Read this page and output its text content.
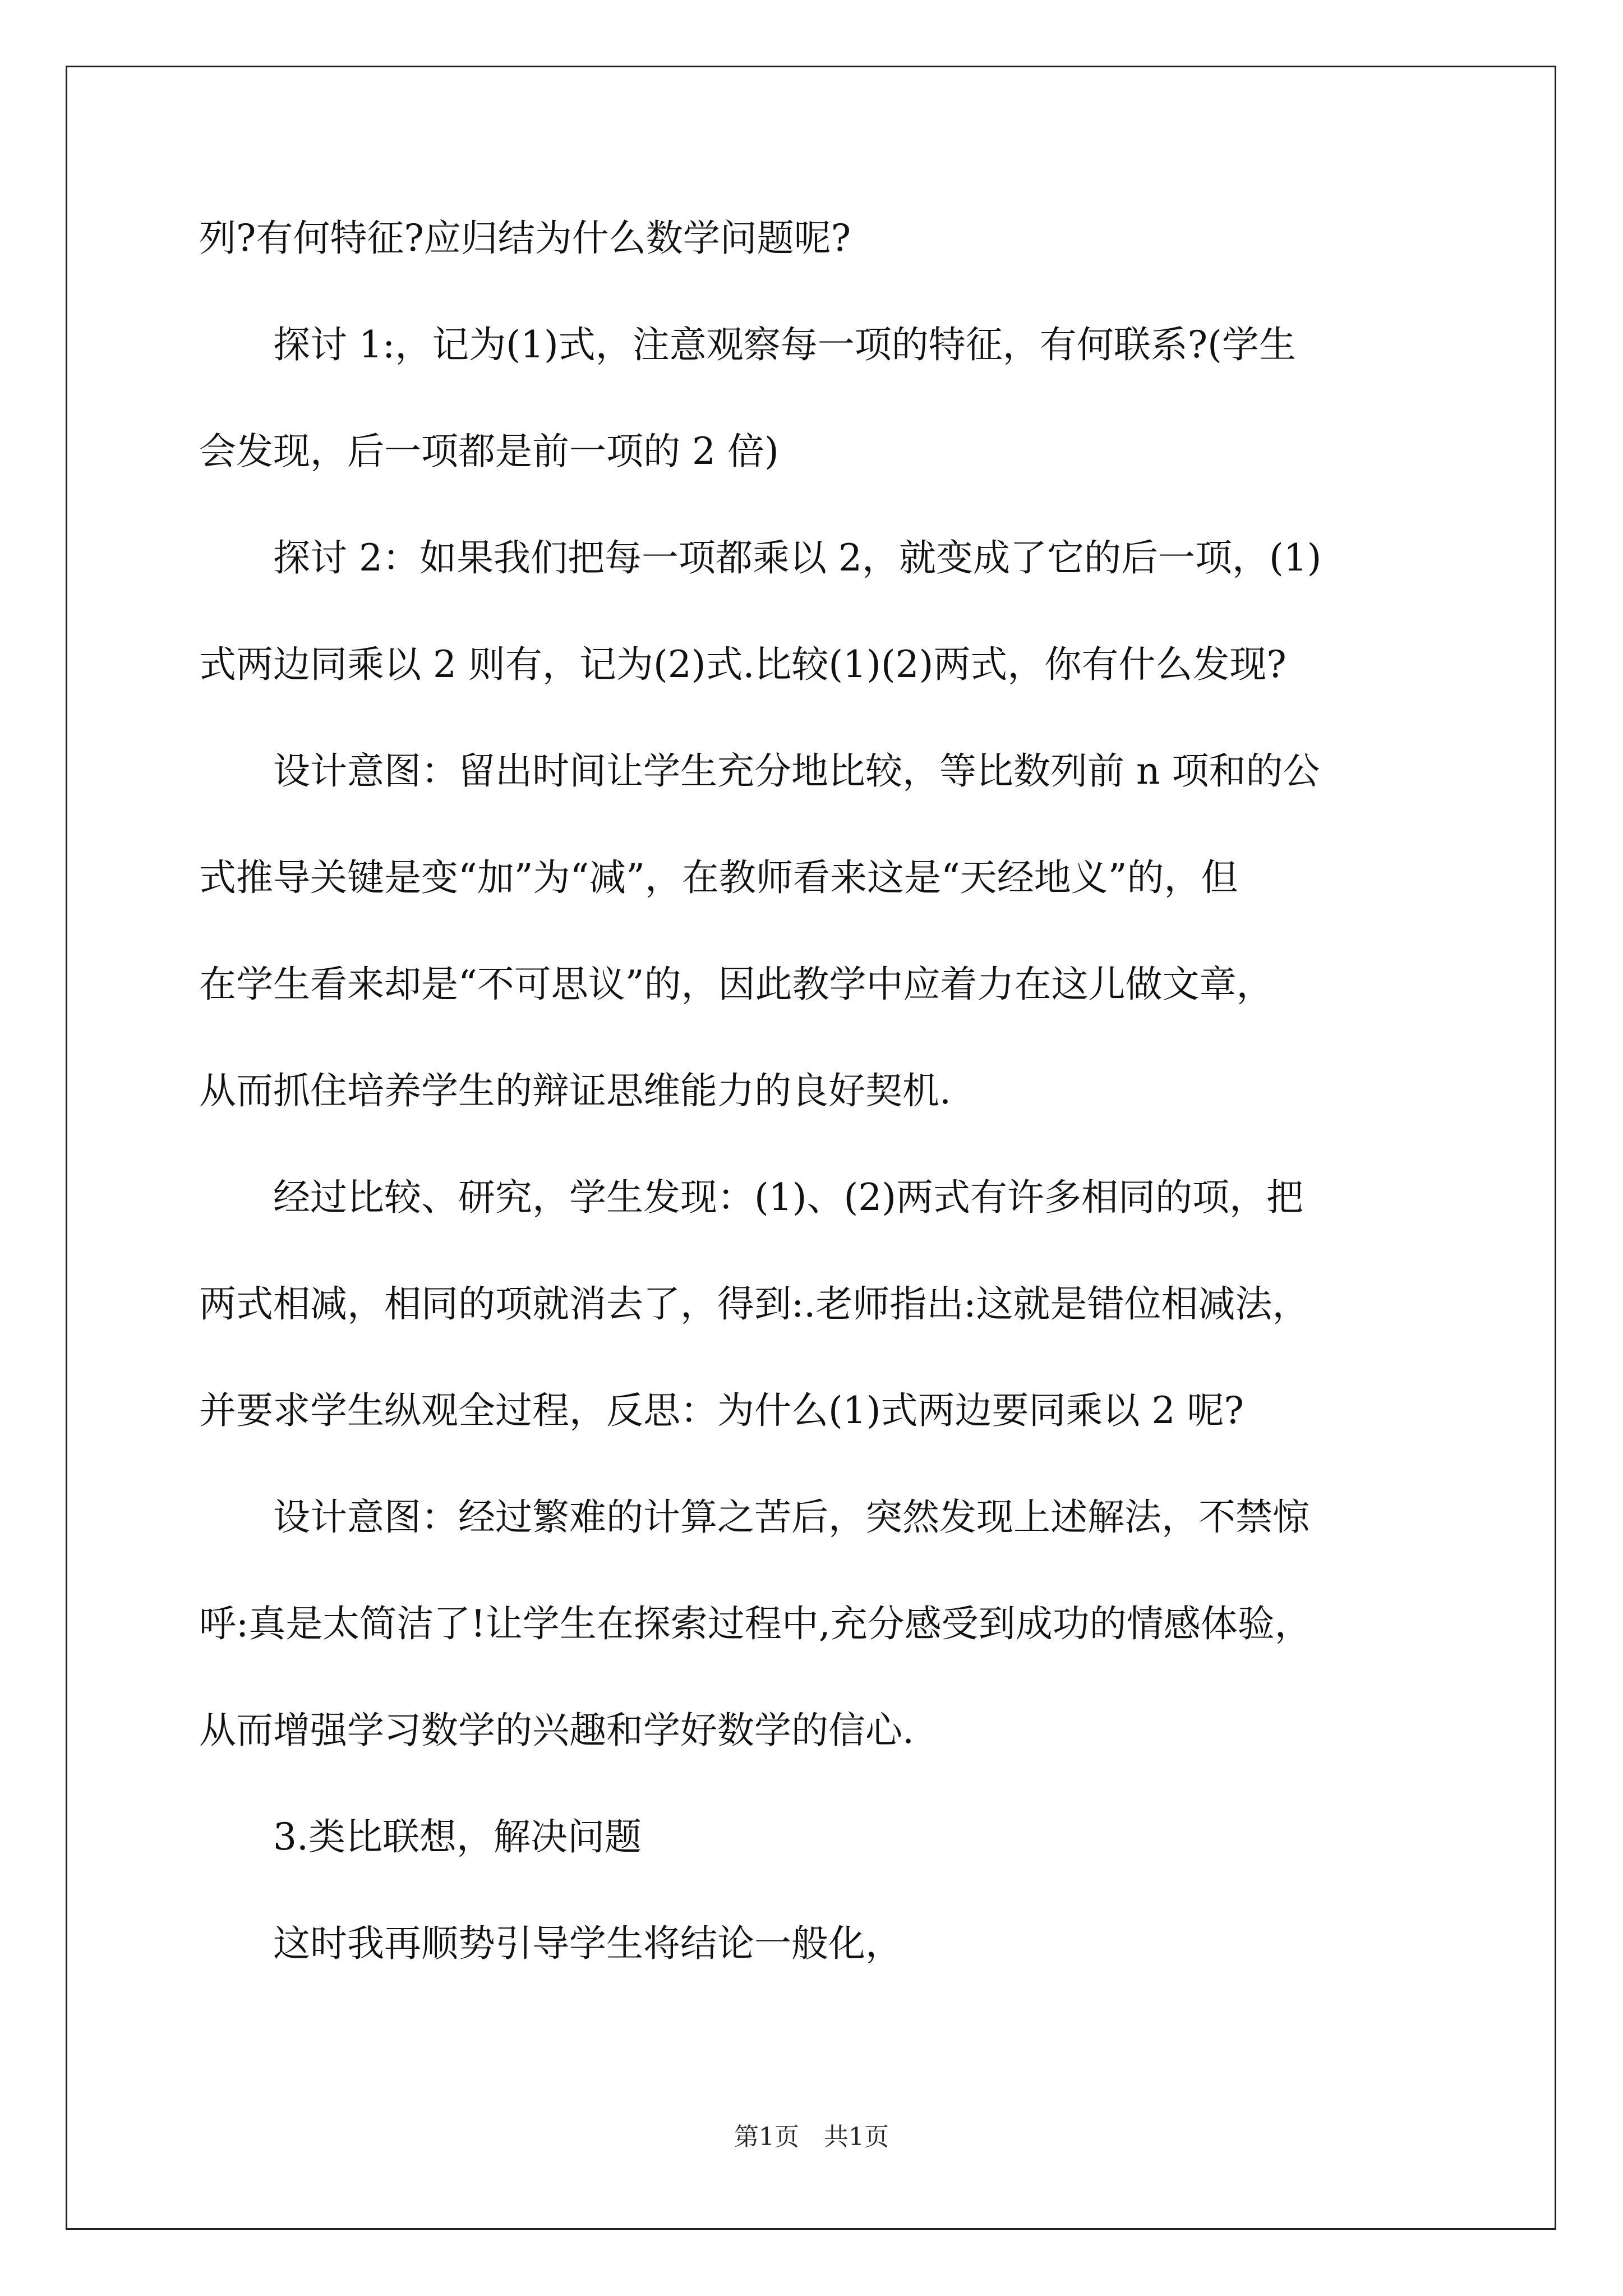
列?有何特征?应归结为什么数学问题呢?
　　探讨 1:，记为(1)式，注意观察每一项的特征，有何联系?(学生
会发现，后一项都是前一项的 2 倍)
　　探讨 2：如果我们把每一项都乘以 2，就变成了它的后一项，(1)
式两边同乘以 2 则有，记为(2)式.比较(1)(2)两式，你有什么发现?
　　设计意图：留出时间让学生充分地比较，等比数列前 n 项和的公
式推导关键是变“加”为“减”，在教师看来这是“天经地义”的，但
在学生看来却是“不可思议”的，因此教学中应着力在这儿做文章，
从而抓住培养学生的辩证思维能力的良好契机.
　　经过比较、研究，学生发现：(1)、(2)两式有许多相同的项，把
两式相减，相同的项就消去了，得到:.老师指出:这就是错位相减法，
并要求学生纵观全过程，反思：为什么(1)式两边要同乘以 2 呢?
　　设计意图：经过繁难的计算之苦后，突然发现上述解法，不禁惊
呼:真是太简洁了!让学生在探索过程中,充分感受到成功的情感体验，
从而增强学习数学的兴趣和学好数学的信心.
　　3.类比联想，解决问题
　　这时我再顺势引导学生将结论一般化，
第1页　共1页
